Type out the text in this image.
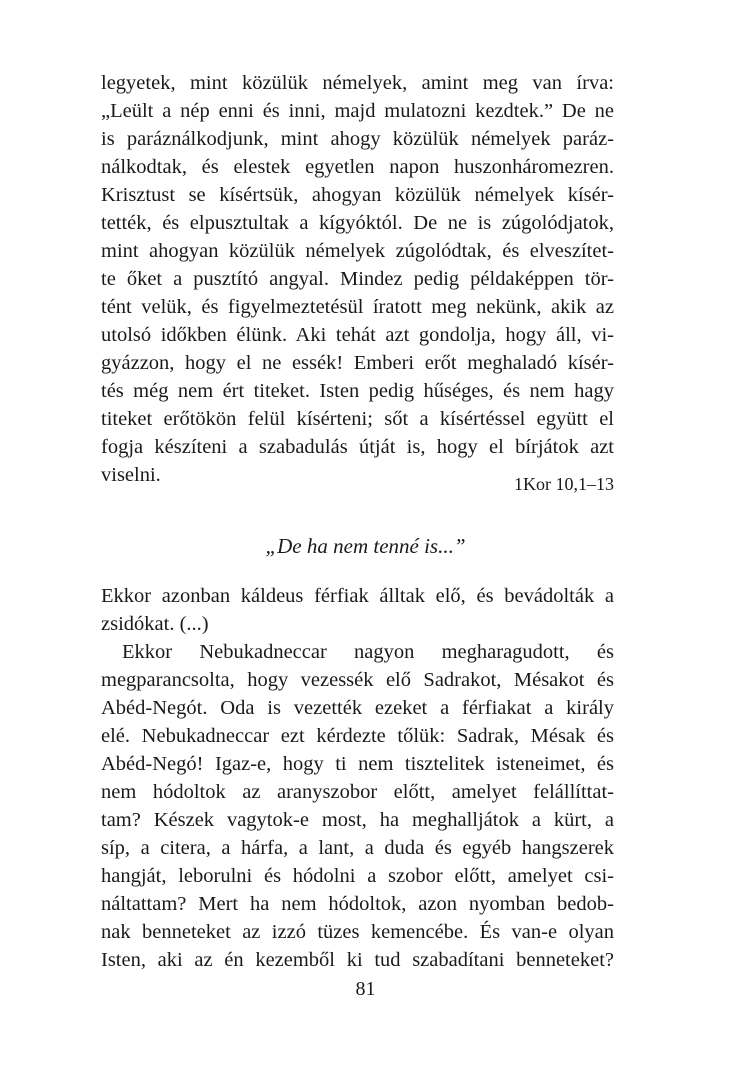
legyetek, mint közülük némelyek, amint meg van írva:
„Leült a nép enni és inni, majd mulatozni kezdtek.” De ne
is paráználkodjunk, mint ahogy közülük némelyek paráz-
nálkodtak, és elestek egyetlen napon huszonháromezren.
Krisztust se kísértsük, ahogyan közülük némelyek kísér-
tették, és elpusztultak a kígyóktól. De ne is zúgolódjatok,
mint ahogyan közülük némelyek zúgolódtak, és elveszítet-
te őket a pusztító angyal. Mindez pedig példaképpen tör-
tént velük, és figyelmeztetésül íratott meg nekünk, akik az
utolsó időkben élünk. Aki tehát azt gondolja, hogy áll, vi-
gyázzon, hogy el ne essék! Emberi erőt meghaladó kísér-
tés még nem ért titeket. Isten pedig hűséges, és nem hagy
titeket erőtökön felül kísérteni; sőt a kísértéssel együtt el
fogja készíteni a szabadulás útját is, hogy el bírjátok azt
viselni.	1Kor 10,1–13
„De ha nem tenné is...”
Ekkor azonban káldeus férfiak álltak elő, és bevádolták a
zsidókat. (...)
Ekkor Nebukadneccar nagyon megharagudott, és
megparancsolta, hogy vezessék elő Sadrakot, Mésakot és
Abéd-Negót. Oda is vezették ezeket a férfiakat a király
elé. Nebukadneccar ezt kérdezte tőlük: Sadrak, Mésak és
Abéd-Negó! Igaz-e, hogy ti nem tisztelitek isteneimet, és
nem hódoltok az aranyszobor előtt, amelyet felállíttat-
tam? Készek vagytok-e most, ha meghalljátok a kürt, a
síp, a citera, a hárfa, a lant, a duda és egyéb hangszerek
hangját, leborulni és hódolni a szobor előtt, amelyet csi-
náltattam? Mert ha nem hódoltok, azon nyomban bedob-
nak benneteket az izzó tüzes kemencébe. És van-e olyan
Isten, aki az én kezemből ki tud szabadítani benneteket?
81
